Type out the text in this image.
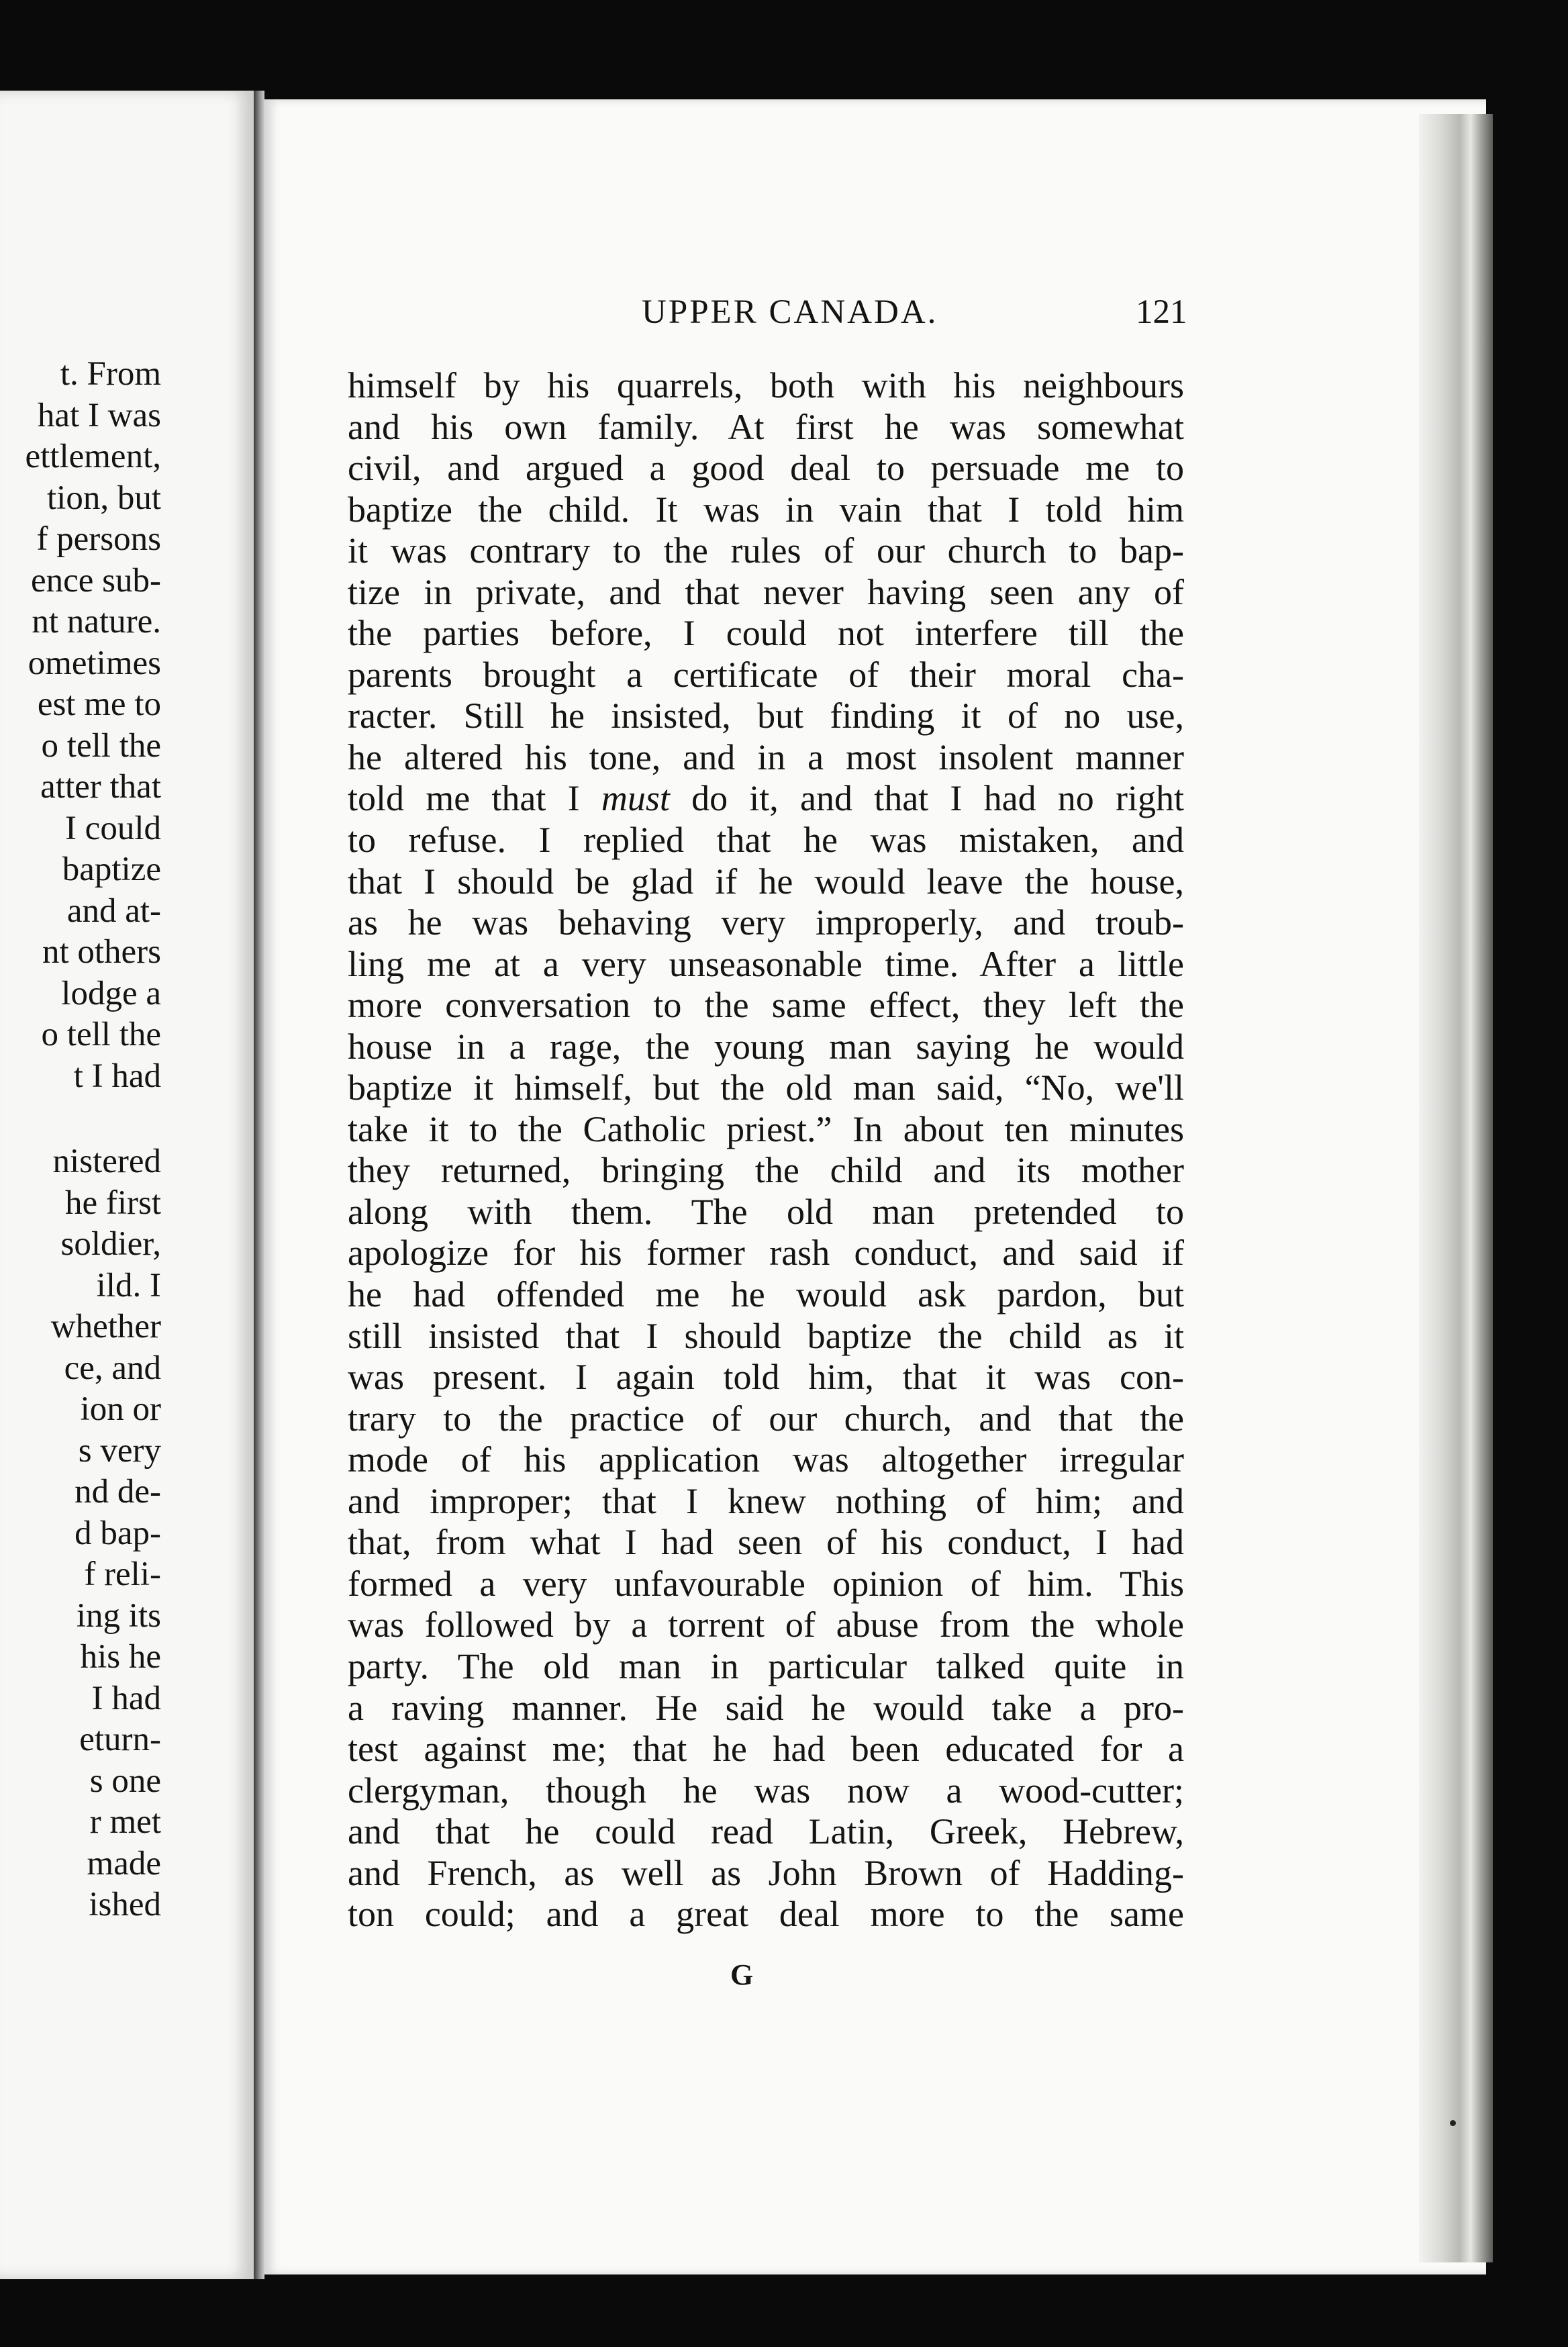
t. From
hat I was
ettlement,
tion, but
f persons
ence sub-
nt nature.
ometimes
est me to
o tell the
atter that
I could
baptize
and at-
nt others
lodge a
o tell the
t I had
nistered
he first
soldier,
ild. I
whether
ce, and
ion or
s very
nd de-
d bap-
f reli-
ing its
his he
I had
eturn-
s one
r met
made
ished
UPPER CANADA.	121
himself by his quarrels, both with his neighbours
and his own family. At first he was somewhat
civil, and argued a good deal to persuade me to
baptize the child. It was in vain that I told him
it was contrary to the rules of our church to bap-
tize in private, and that never having seen any of
the parties before, I could not interfere till the
parents brought a certificate of their moral cha-
racter. Still he insisted, but finding it of no use,
he altered his tone, and in a most insolent manner
told me that I must do it, and that I had no right
to refuse. I replied that he was mistaken, and
that I should be glad if he would leave the house,
as he was behaving very improperly, and troub-
ling me at a very unseasonable time. After a little
more conversation to the same effect, they left the
house in a rage, the young man saying he would
baptize it himself, but the old man said, “No, we'll
take it to the Catholic priest.” In about ten minutes
they returned, bringing the child and its mother
along with them. The old man pretended to
apologize for his former rash conduct, and said if
he had offended me he would ask pardon, but
still insisted that I should baptize the child as it
was present. I again told him, that it was con-
trary to the practice of our church, and that the
mode of his application was altogether irregular
and improper; that I knew nothing of him; and
that, from what I had seen of his conduct, I had
formed a very unfavourable opinion of him. This
was followed by a torrent of abuse from the whole
party. The old man in particular talked quite in
a raving manner. He said he would take a pro-
test against me; that he had been educated for a
clergyman, though he was now a wood-cutter;
and that he could read Latin, Greek, Hebrew,
and French, as well as John Brown of Hadding-
ton could; and a great deal more to the same
G
